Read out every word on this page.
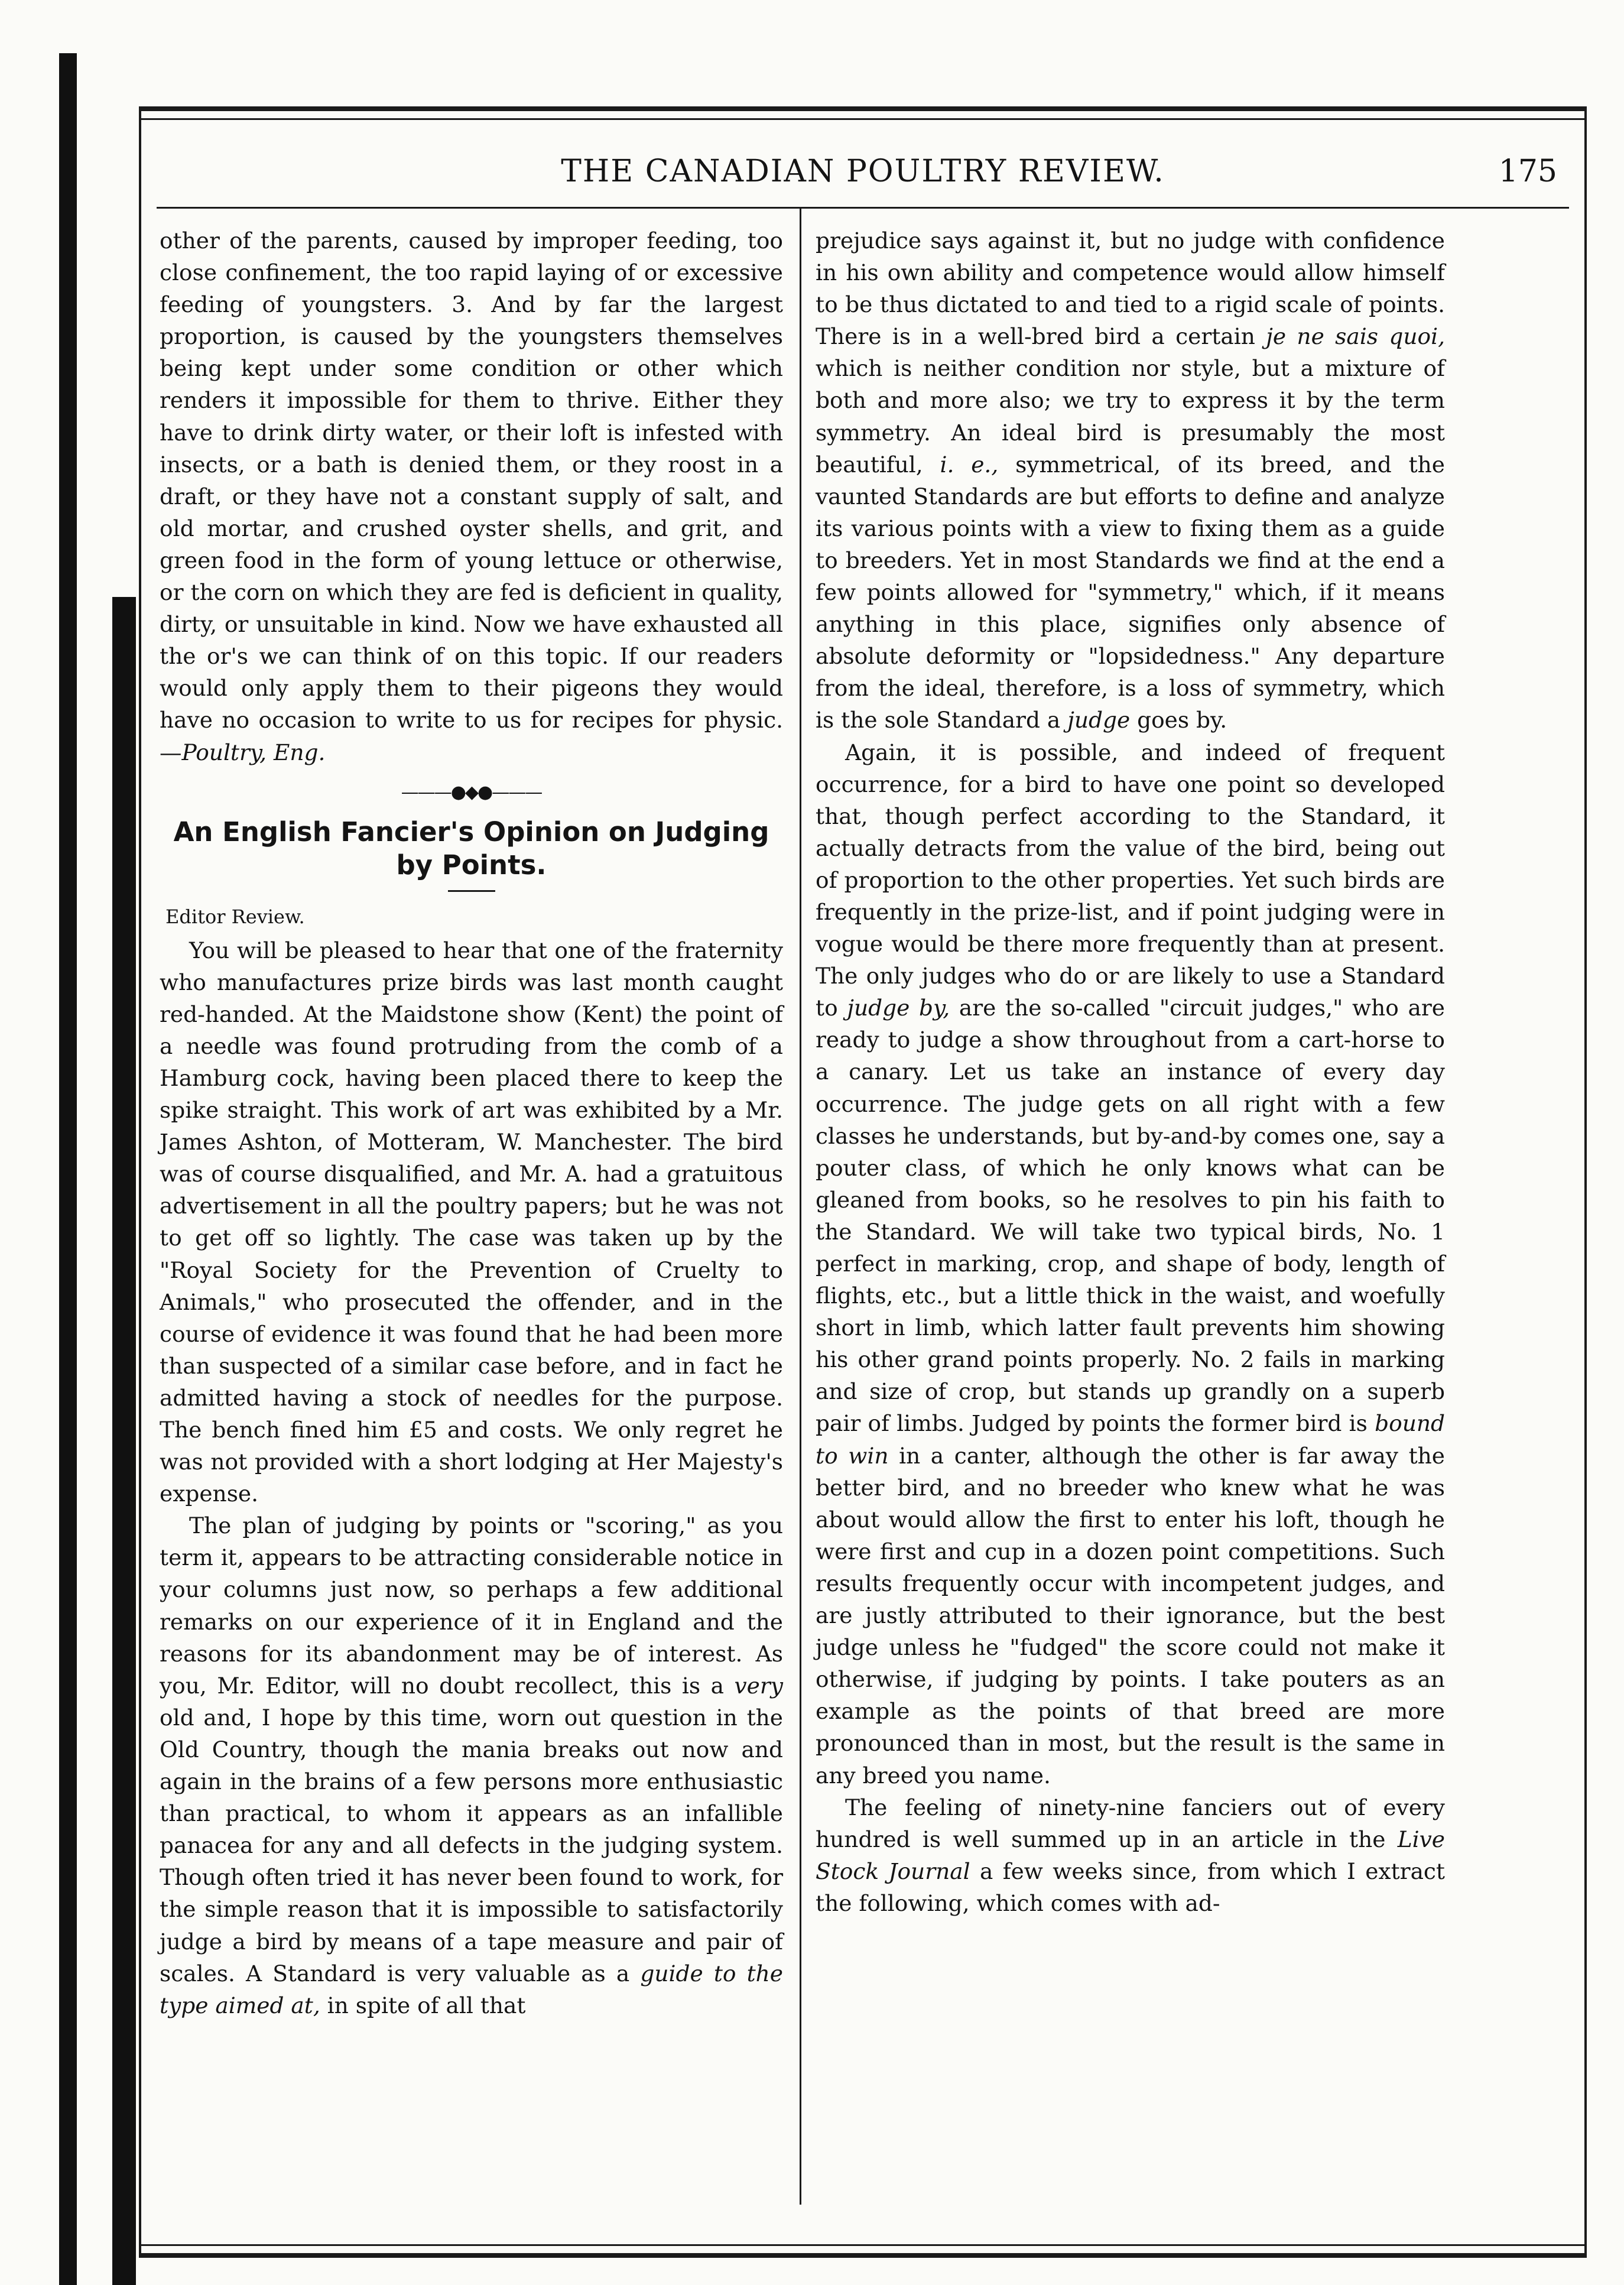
THE CANADIAN POULTRY REVIEW.	175

other of the parents, caused by improper feeding, too close confinement, the too rapid laying of or excessive feeding of youngsters. 3. And by far the largest proportion, is caused by the youngsters themselves being kept under some condition or other which renders it impossible for them to thrive. Either they have to drink dirty water, or their loft is infested with insects, or a bath is denied them, or they roost in a draft, or they have not a constant supply of salt, and old mortar, and crushed oyster shells, and grit, and green food in the form of young lettuce or otherwise, or the corn on which they are fed is deficient in quality, dirty, or unsuitable in kind. Now we have exhausted all the or's we can think of on this topic. If our readers would only apply them to their pigeons they would have no occasion to write to us for recipes for physic.—Poultry, Eng.

———●◆●———
An English Fancier's Opinion on Judging by Points.
Editor Review.

You will be pleased to hear that one of the fraternity who manufactures prize birds was last month caught red-handed. At the Maidstone show (Kent) the point of a needle was found protruding from the comb of a Hamburg cock, having been placed there to keep the spike straight. This work of art was exhibited by a Mr. James Ashton, of Motteram, W. Manchester. The bird was of course disqualified, and Mr. A. had a gratuitous advertisement in all the poultry papers; but he was not to get off so lightly. The case was taken up by the "Royal Society for the Prevention of Cruelty to Animals," who prosecuted the offender, and in the course of evidence it was found that he had been more than suspected of a similar case before, and in fact he admitted having a stock of needles for the purpose. The bench fined him £5 and costs. We only regret he was not provided with a short lodging at Her Majesty's expense.

The plan of judging by points or "scoring," as you term it, appears to be attracting considerable notice in your columns just now, so perhaps a few additional remarks on our experience of it in England and the reasons for its abandonment may be of interest. As you, Mr. Editor, will no doubt recollect, this is a very old and, I hope by this time, worn out question in the Old Country, though the mania breaks out now and again in the brains of a few persons more enthusiastic than practical, to whom it appears as an infallible panacea for any and all defects in the judging system. Though often tried it has never been found to work, for the simple reason that it is impossible to satisfactorily judge a bird by means of a tape measure and pair of scales. A Standard is very valuable as a guide to the type aimed at, in spite of all that

prejudice says against it, but no judge with confidence in his own ability and competence would allow himself to be thus dictated to and tied to a rigid scale of points. There is in a well-bred bird a certain je ne sais quoi, which is neither condition nor style, but a mixture of both and more also; we try to express it by the term symmetry. An ideal bird is presumably the most beautiful, i. e., symmetrical, of its breed, and the vaunted Standards are but efforts to define and analyze its various points with a view to fixing them as a guide to breeders. Yet in most Standards we find at the end a few points allowed for "symmetry," which, if it means anything in this place, signifies only absence of absolute deformity or "lopsidedness." Any departure from the ideal, therefore, is a loss of symmetry, which is the sole Standard a judge goes by.

Again, it is possible, and indeed of frequent occurrence, for a bird to have one point so developed that, though perfect according to the Standard, it actually detracts from the value of the bird, being out of proportion to the other properties. Yet such birds are frequently in the prize-list, and if point judging were in vogue would be there more frequently than at present. The only judges who do or are likely to use a Standard to judge by, are the so-called "circuit judges," who are ready to judge a show throughout from a cart-horse to a canary. Let us take an instance of every day occurrence. The judge gets on all right with a few classes he understands, but by-and-by comes one, say a pouter class, of which he only knows what can be gleaned from books, so he resolves to pin his faith to the Standard. We will take two typical birds, No. 1 perfect in marking, crop, and shape of body, length of flights, etc., but a little thick in the waist, and woefully short in limb, which latter fault prevents him showing his other grand points properly. No. 2 fails in marking and size of crop, but stands up grandly on a superb pair of limbs. Judged by points the former bird is bound to win in a canter, although the other is far away the better bird, and no breeder who knew what he was about would allow the first to enter his loft, though he were first and cup in a dozen point competitions. Such results frequently occur with incompetent judges, and are justly attributed to their ignorance, but the best judge unless he "fudged" the score could not make it otherwise, if judging by points. I take pouters as an example as the points of that breed are more pronounced than in most, but the result is the same in any breed you name.

The feeling of ninety-nine fanciers out of every hundred is well summed up in an article in the Live Stock Journal a few weeks since, from which I extract the following, which comes with ad-
